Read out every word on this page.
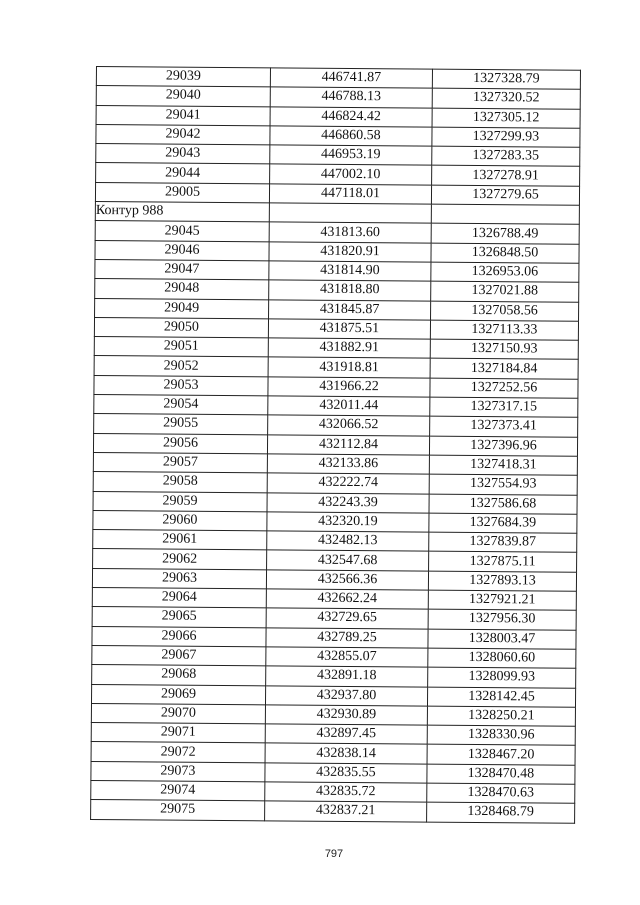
29039	446741.87	1327328.79
29040	446788.13	1327320.52
29041	446824.42	1327305.12
29042	446860.58	1327299.93
29043	446953.19	1327283.35
29044	447002.10	1327278.91
29005	447118.01	1327279.65
Контур 988		
29045	431813.60	1326788.49
29046	431820.91	1326848.50
29047	431814.90	1326953.06
29048	431818.80	1327021.88
29049	431845.87	1327058.56
29050	431875.51	1327113.33
29051	431882.91	1327150.93
29052	431918.81	1327184.84
29053	431966.22	1327252.56
29054	432011.44	1327317.15
29055	432066.52	1327373.41
29056	432112.84	1327396.96
29057	432133.86	1327418.31
29058	432222.74	1327554.93
29059	432243.39	1327586.68
29060	432320.19	1327684.39
29061	432482.13	1327839.87
29062	432547.68	1327875.11
29063	432566.36	1327893.13
29064	432662.24	1327921.21
29065	432729.65	1327956.30
29066	432789.25	1328003.47
29067	432855.07	1328060.60
29068	432891.18	1328099.93
29069	432937.80	1328142.45
29070	432930.89	1328250.21
29071	432897.45	1328330.96
29072	432838.14	1328467.20
29073	432835.55	1328470.48
29074	432835.72	1328470.63
29075	432837.21	1328468.79
797
